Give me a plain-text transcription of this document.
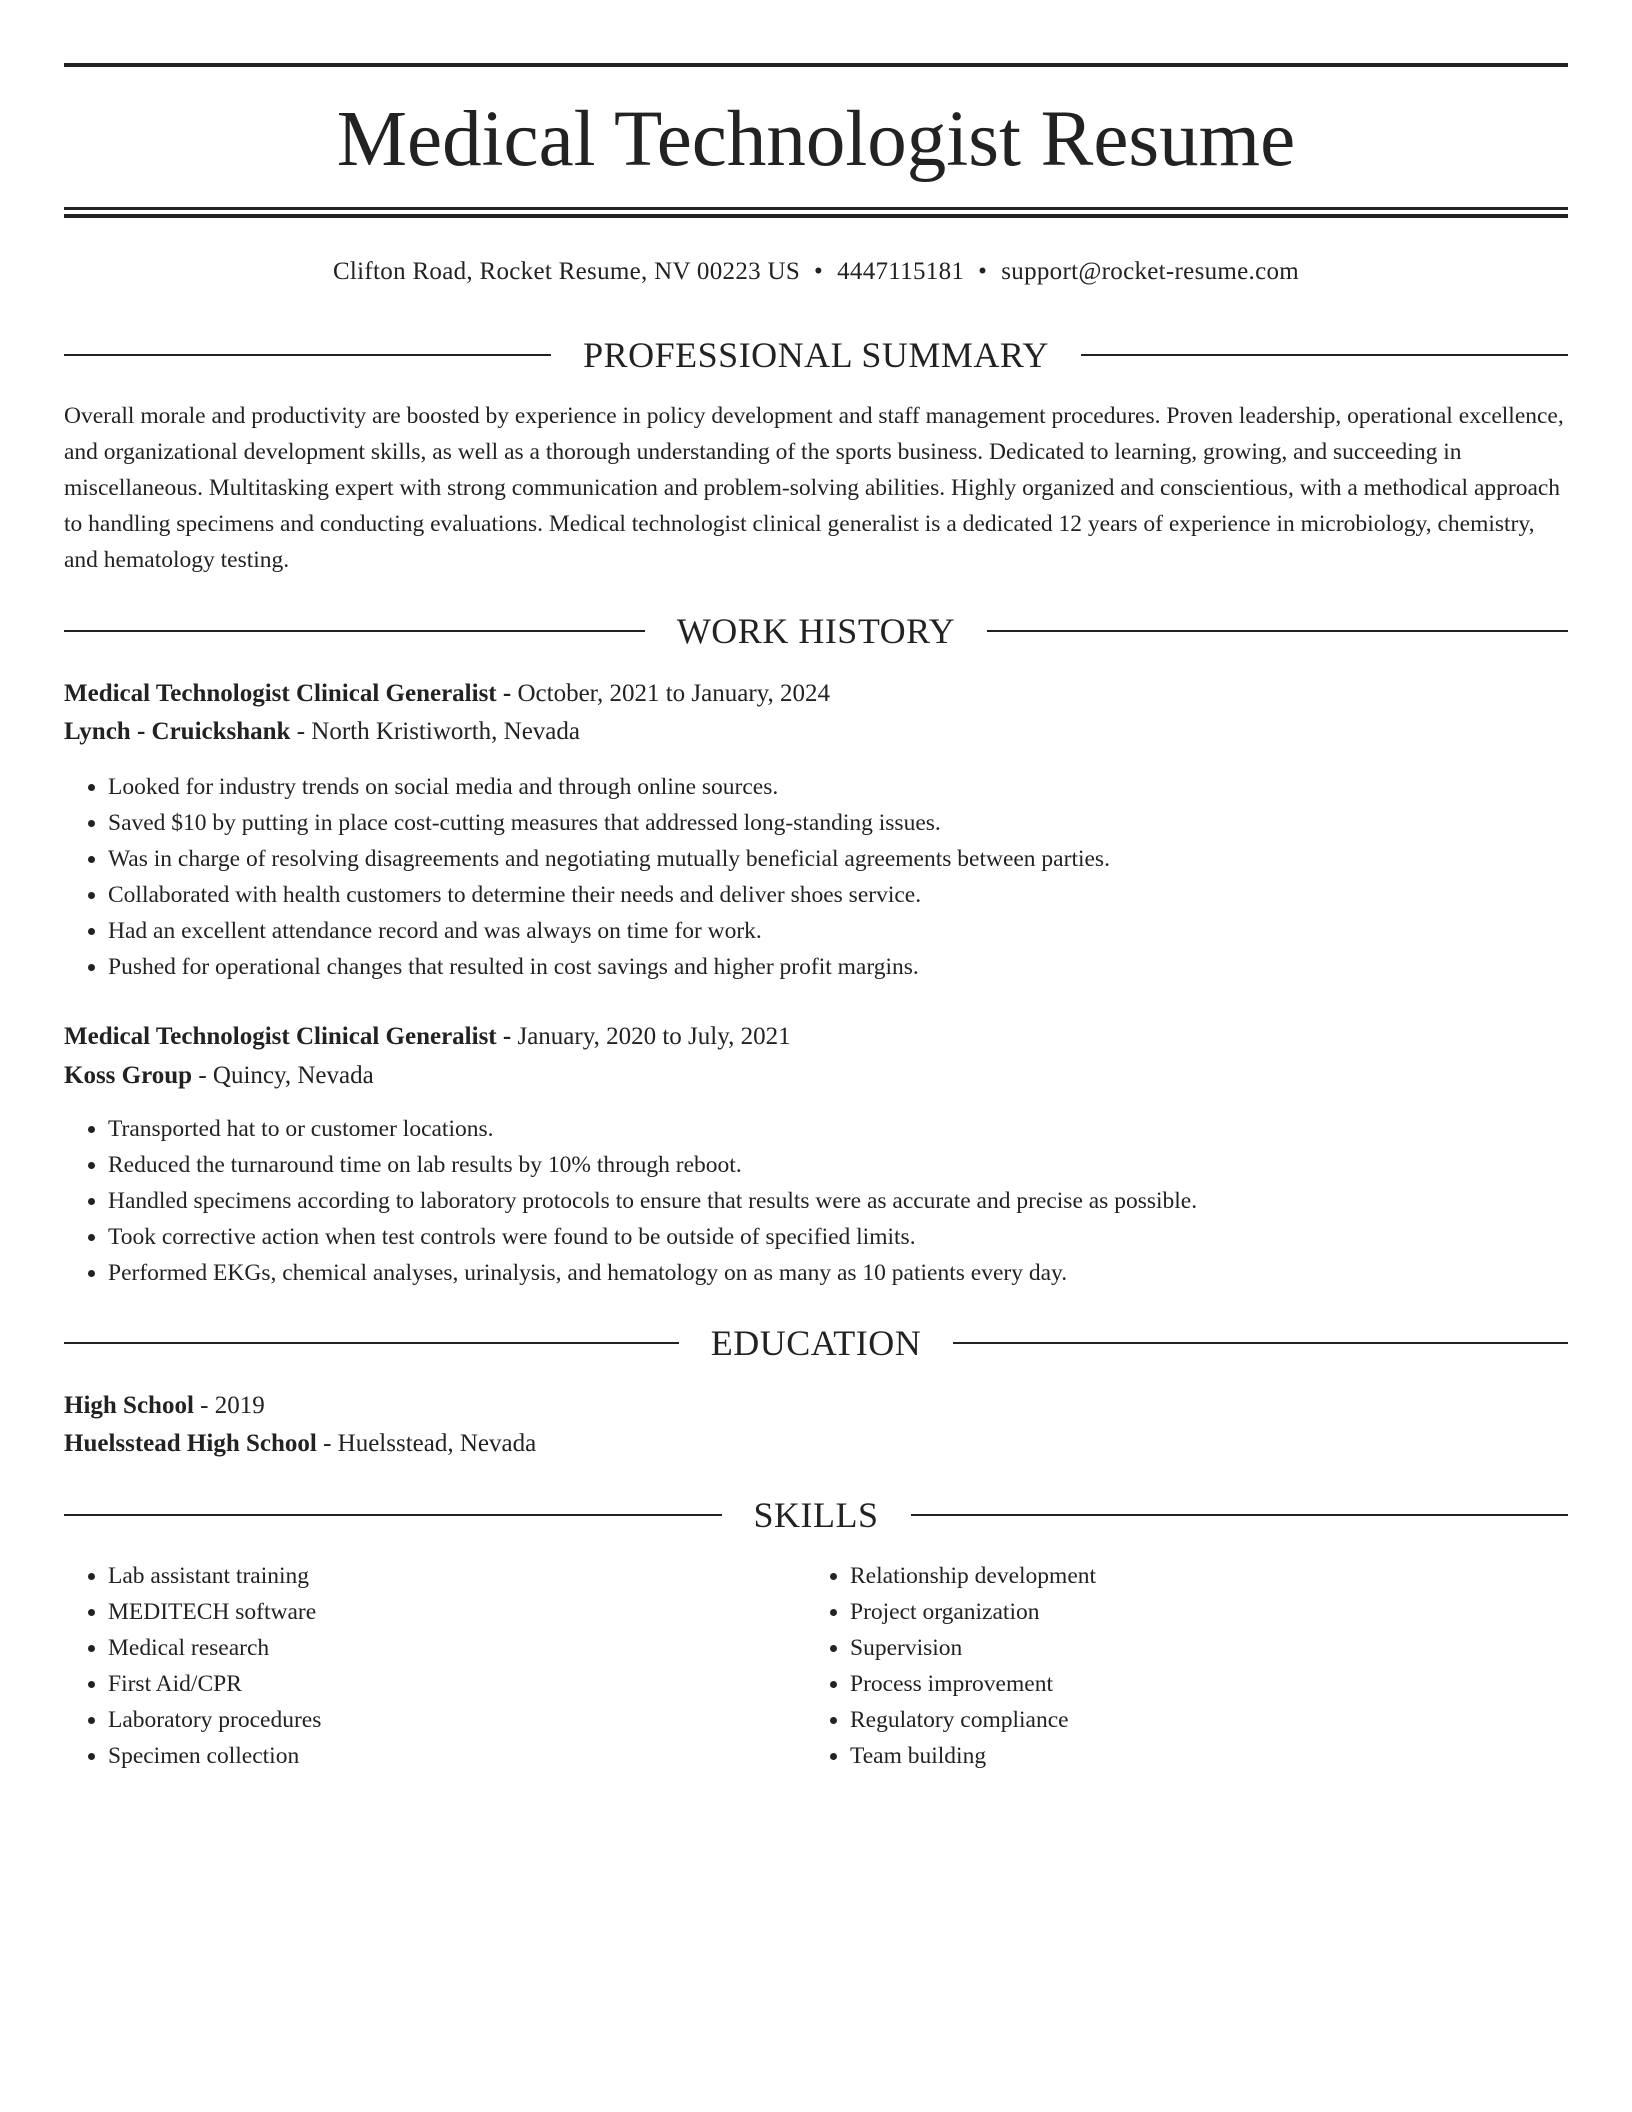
Medical Technologist Resume
Clifton Road, Rocket Resume, NV 00223 US • 4447115181 • support@rocket-resume.com
PROFESSIONAL SUMMARY

Overall morale and productivity are boosted by experience in policy development and staff management procedures. Proven leadership, operational excellence, and organizational development skills, as well as a thorough understanding of the sports business. Dedicated to learning, growing, and succeeding in miscellaneous. Multitasking expert with strong communication and problem-solving abilities. Highly organized and conscientious, with a methodical approach to handling specimens and conducting evaluations. Medical technologist clinical generalist is a dedicated 12 years of experience in microbiology, chemistry, and hematology testing.

WORK HISTORY
Medical Technologist Clinical Generalist - October, 2021 to January, 2024
Lynch - Cruickshank - North Kristiworth, Nevada
• Looked for industry trends on social media and through online sources.
• Saved $10 by putting in place cost-cutting measures that addressed long-standing issues.
• Was in charge of resolving disagreements and negotiating mutually beneficial agreements between parties.
• Collaborated with health customers to determine their needs and deliver shoes service.
• Had an excellent attendance record and was always on time for work.
• Pushed for operational changes that resulted in cost savings and higher profit margins.
Medical Technologist Clinical Generalist - January, 2020 to July, 2021
Koss Group - Quincy, Nevada
• Transported hat to or customer locations.
• Reduced the turnaround time on lab results by 10% through reboot.
• Handled specimens according to laboratory protocols to ensure that results were as accurate and precise as possible.
• Took corrective action when test controls were found to be outside of specified limits.
• Performed EKGs, chemical analyses, urinalysis, and hematology on as many as 10 patients every day.
EDUCATION
High School - 2019
Huelsstead High School - Huelsstead, Nevada
SKILLS
• Lab assistant training
• MEDITECH software
• Medical research
• First Aid/CPR
• Laboratory procedures
• Specimen collection
• Relationship development
• Project organization
• Supervision
• Process improvement
• Regulatory compliance
• Team building
